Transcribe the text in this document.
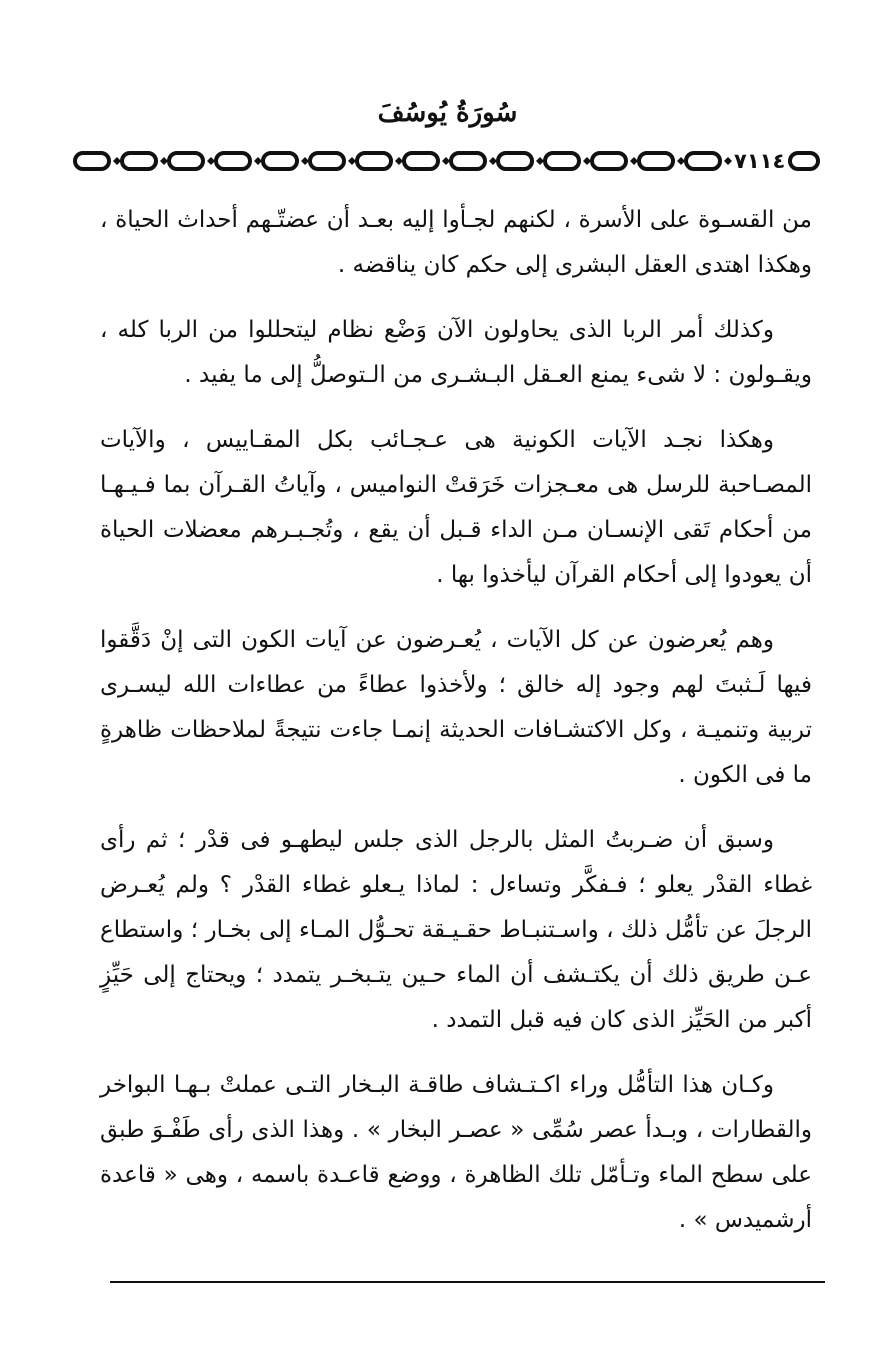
سُورَةُ يُوسُفَ
٧١١٤

من القسـوة على الأسرة ، لكنهم لجـأوا إليه بعـد أن عضتّـهم أحداث الحياة ، وهكذا اهتدى العقل البشرى إلى حكم كان يناقضه .

وكذلك أمر الربا الذى يحاولون الآن وَضْع نظام ليتحللوا من الربا كله ، ويقـولون : لا شىء يمنع العـقل البـشـرى من الـتوصلُّ إلى ما يفيد .

وهكذا نجـد الآيات الكونية هى عـجـائب بكل المقـاييس ، والآيات المصـاحبة للرسل هى معـجزات خَرَقتْ النواميس ، وآياتُ القـرآن بما فـيـهـا من أحكام تَقى الإنسـان مـن الداء قـبل أن يقع ، وتُجـبـرهم معضلات الحياة أن يعودوا إلى أحكام القرآن ليأخذوا بها .

وهم يُعرضون عن كل الآيات ، يُعـرضون عن آيات الكون التى إنْ دَقَّقوا فيها لَـثبتَ لهم وجود إله خالق ؛ ولأخذوا عطاءً من عطاءات الله ليسـرى تربية وتنميـة ، وكل الاكتشـافات الحديثة إنمـا جاءت نتيجةً لملاحظات ظاهرةٍ ما فى الكون .

وسبق أن ضـربتُ المثل بالرجل الذى جلس ليطهـو فى قدْر ؛ ثم رأى غطاء القدْر يعلو ؛ فـفكَّر وتساءل : لماذا يـعلو غطاء القدْر ؟ ولم يُعـرض الرجلَ عن تأمُّل ذلك ، واسـتنبـاط حقـيـقة تحـوُّل المـاء إلى بخـار ؛ واستطاع عـن طريق ذلك أن يكتـشف أن الماء حـين يتـبخـر يتمدد ؛ ويحتاج إلى حَيِّزٍ أكبر من الحَيِّز الذى كان فيه قبل التمدد .

وكـان هذا التأمُّل وراء اكـتـشاف طاقـة البـخار التـى عملتْ بـهـا البواخر والقطارات ، وبـدأ عصر سُمِّى « عصـر البخار » . وهذا الذى رأى طَفْـوَ طبق على سطح الماء وتـأمّل تلك الظاهرة ، ووضع قاعـدة باسمه ، وهى « قاعدة أرشميدس » .
